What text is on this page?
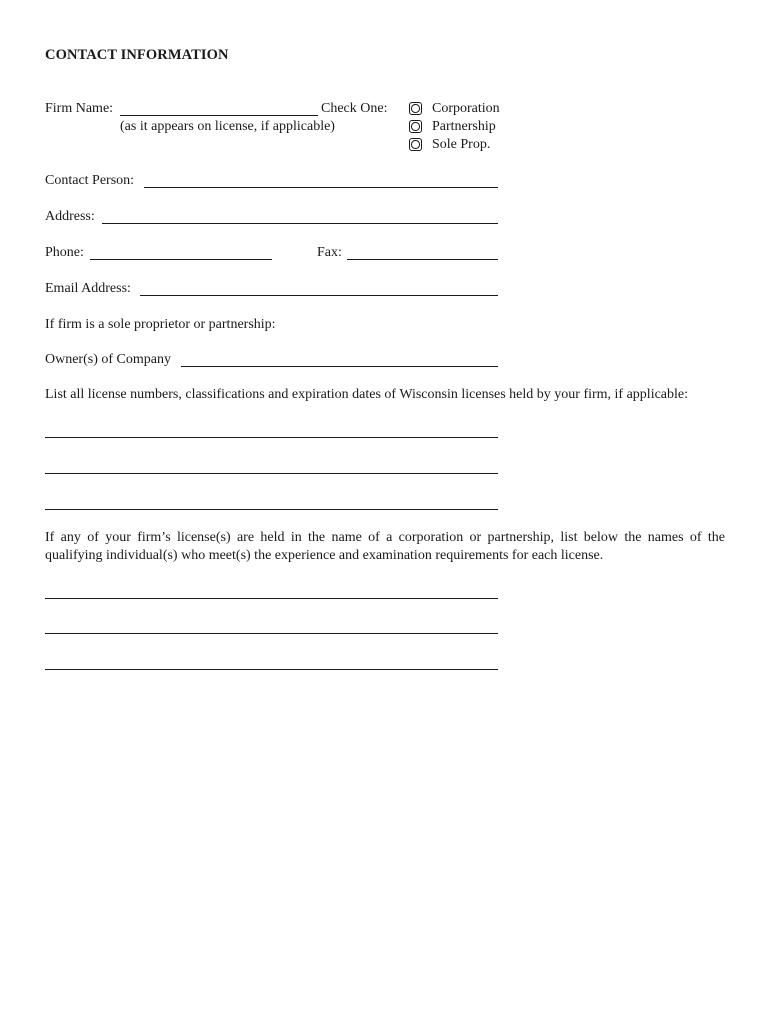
CONTACT INFORMATION
Firm Name:	Check One:
(as it appears on license, if applicable)
Corporation
Partnership
Sole Prop.
Contact Person:
Address:
Phone:	Fax:
Email Address:
If firm is a sole proprietor or partnership:
Owner(s) of Company
List all license numbers, classifications and expiration dates of Wisconsin licenses held by your firm, if applicable:
If any of your firm’s license(s) are held in the name of a corporation or partnership, list below the names of the qualifying individual(s) who meet(s) the experience and examination requirements for each license.
